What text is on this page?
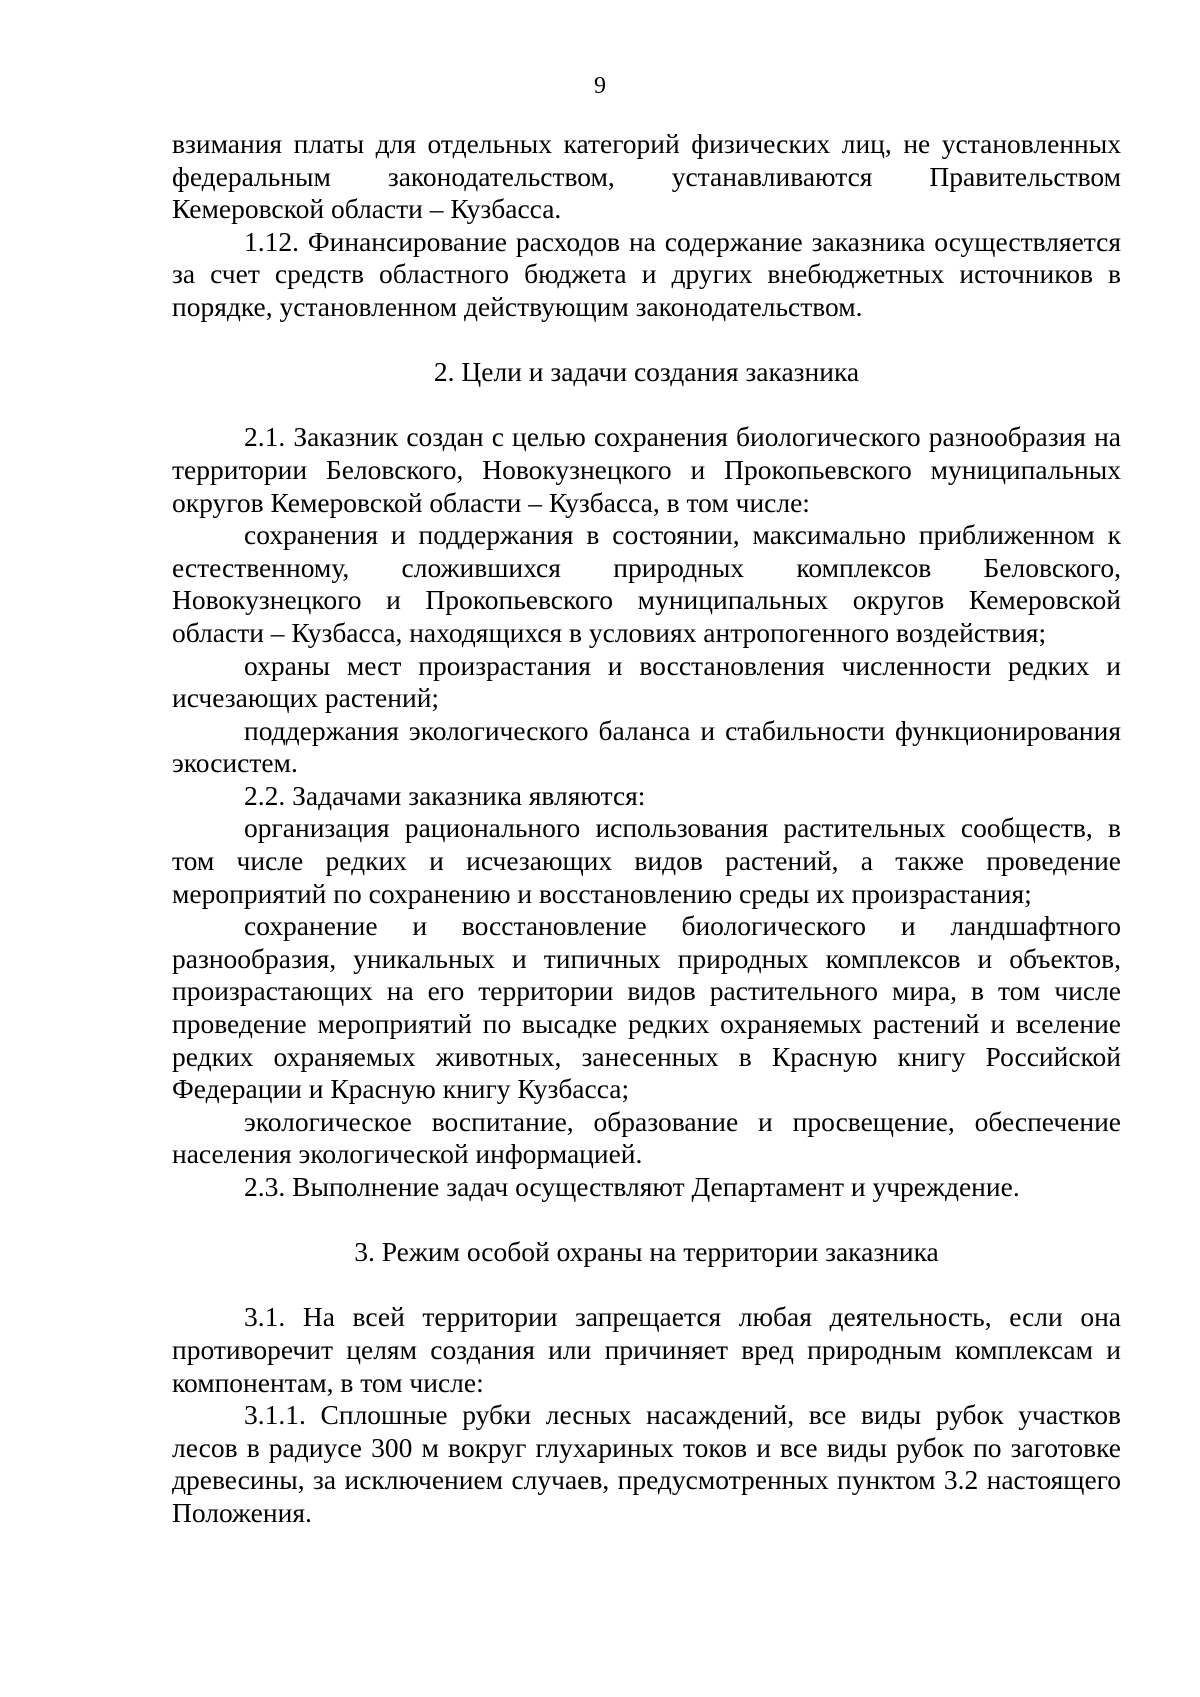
9

взимания платы для отдельных категорий физических лиц, не установленных федеральным законодательством, устанавливаются Правительством Кемеровской области – Кузбасса.

1.12. Финансирование расходов на содержание заказника осуществляется за счет средств областного бюджета и других внебюджетных источников в порядке, установленном действующим законодательством.

2. Цели и задачи создания заказника

2.1. Заказник создан с целью сохранения биологического разнообразия на территории Беловского, Новокузнецкого и Прокопьевского муниципальных округов Кемеровской области – Кузбасса, в том числе:

сохранения и поддержания в состоянии, максимально приближенном к естественному, сложившихся природных комплексов Беловского, Новокузнецкого и Прокопьевского муниципальных округов Кемеровской области – Кузбасса, находящихся в условиях антропогенного воздействия;

охраны мест произрастания и восстановления численности редких и исчезающих растений;

поддержания экологического баланса и стабильности функционирования экосистем.

2.2. Задачами заказника являются:

организация рационального использования растительных сообществ, в том числе редких и исчезающих видов растений, а также проведение мероприятий по сохранению и восстановлению среды их произрастания;

сохранение и восстановление биологического и ландшафтного разнообразия, уникальных и типичных природных комплексов и объектов, произрастающих на его территории видов растительного мира, в том числе проведение мероприятий по высадке редких охраняемых растений и вселение редких охраняемых животных, занесенных в Красную книгу Российской Федерации и Красную книгу Кузбасса;

экологическое воспитание, образование и просвещение, обеспечение населения экологической информацией.

2.3. Выполнение задач осуществляют Департамент и учреждение.

3. Режим особой охраны на территории заказника

3.1. На всей территории запрещается любая деятельность, если она противоречит целям создания или причиняет вред природным комплексам и компонентам, в том числе:

3.1.1. Сплошные рубки лесных насаждений, все виды рубок участков лесов в радиусе 300 м вокруг глухариных токов и все виды рубок по заготовке древесины, за исключением случаев, предусмотренных пунктом 3.2 настоящего Положения.
